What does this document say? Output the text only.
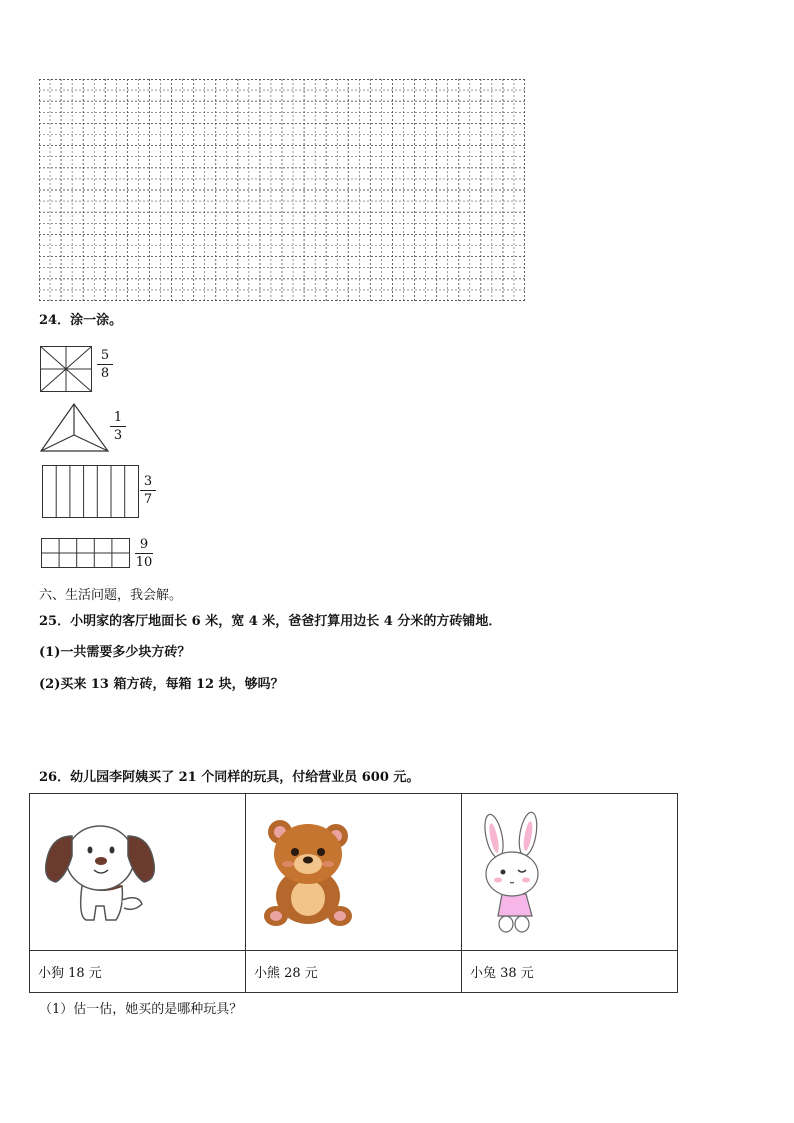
24．涂一涂。
5
8
1
3
3
7
9
10
六、生活问题，我会解。
25．小明家的客厅地面长 6 米，宽 4 米，爸爸打算用边长 4 分米的方砖铺地．
(1)一共需要多少块方砖？
(2)买来 13 箱方砖，每箱 12 块，够吗？
26．幼儿园李阿姨买了 21 个同样的玩具，付给营业员 600 元。

小狗 18 元	小熊 28 元	小兔 38 元
（1）估一估，她买的是哪种玩具？
